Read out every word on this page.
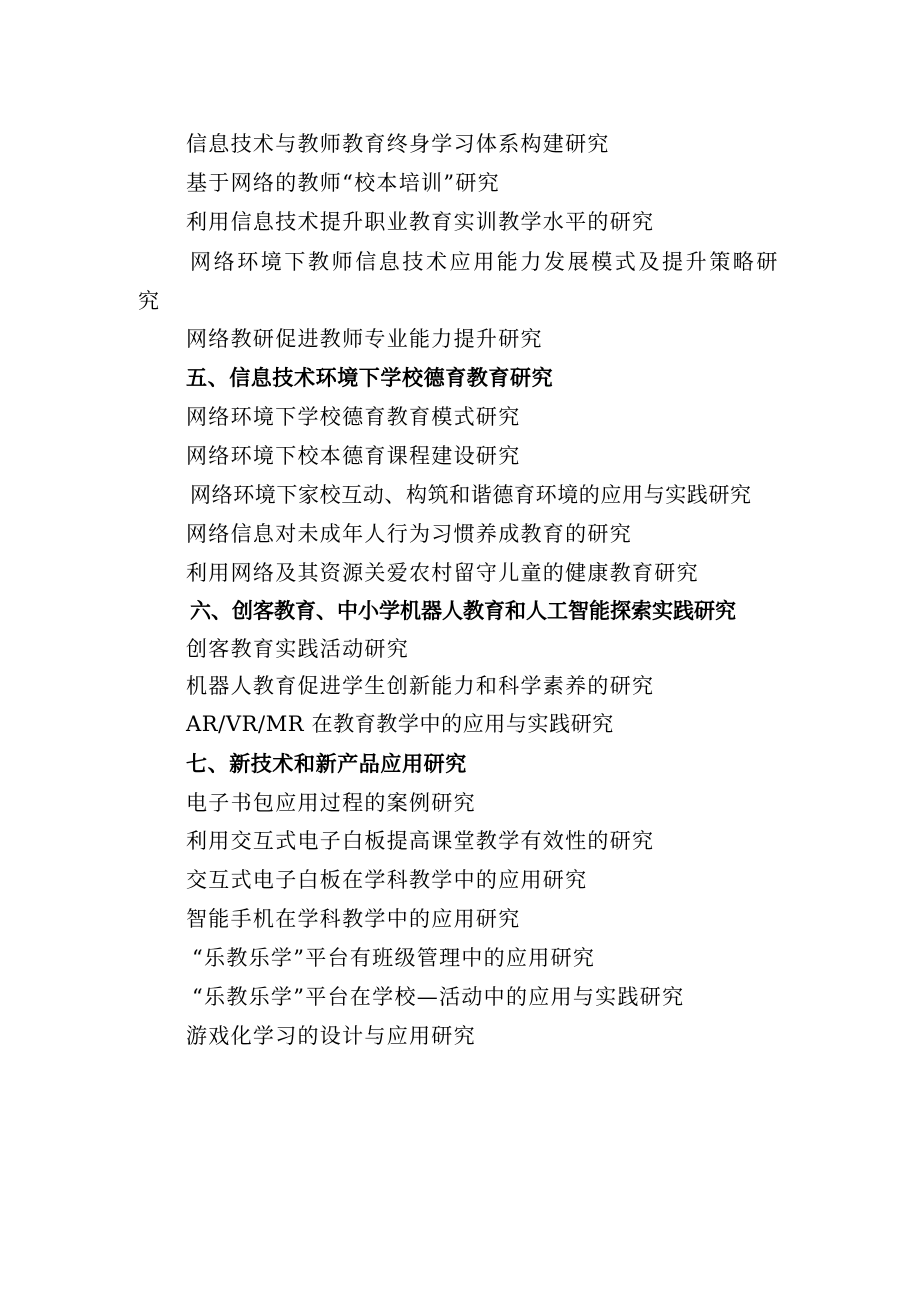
信息技术与教师教育终身学习体系构建研究
基于网络的教师“校本培训”研究
利用信息技术提升职业教育实训教学水平的研究
网络环境下教师信息技术应用能力发展模式及提升策略研
究
网络教研促进教师专业能力提升研究
五、信息技术环境下学校德育教育研究
网络环境下学校德育教育模式研究
网络环境下校本德育课程建设研究
网络环境下家校互动、构筑和谐德育环境的应用与实践研究
网络信息对未成年人行为习惯养成教育的研究
利用网络及其资源关爱农村留守儿童的健康教育研究
六、创客教育、中小学机器人教育和人工智能探索实践研究
创客教育实践活动研究
机器人教育促进学生创新能力和科学素养的研究
AR/VR/MR 在教育教学中的应用与实践研究
七、新技术和新产品应用研究
电子书包应用过程的案例研究
利用交互式电子白板提高课堂教学有效性的研究
交互式电子白板在学科教学中的应用研究
智能手机在学科教学中的应用研究
“乐教乐学”平台有班级管理中的应用研究
“乐教乐学”平台在学校—活动中的应用与实践研究
游戏化学习的设计与应用研究
